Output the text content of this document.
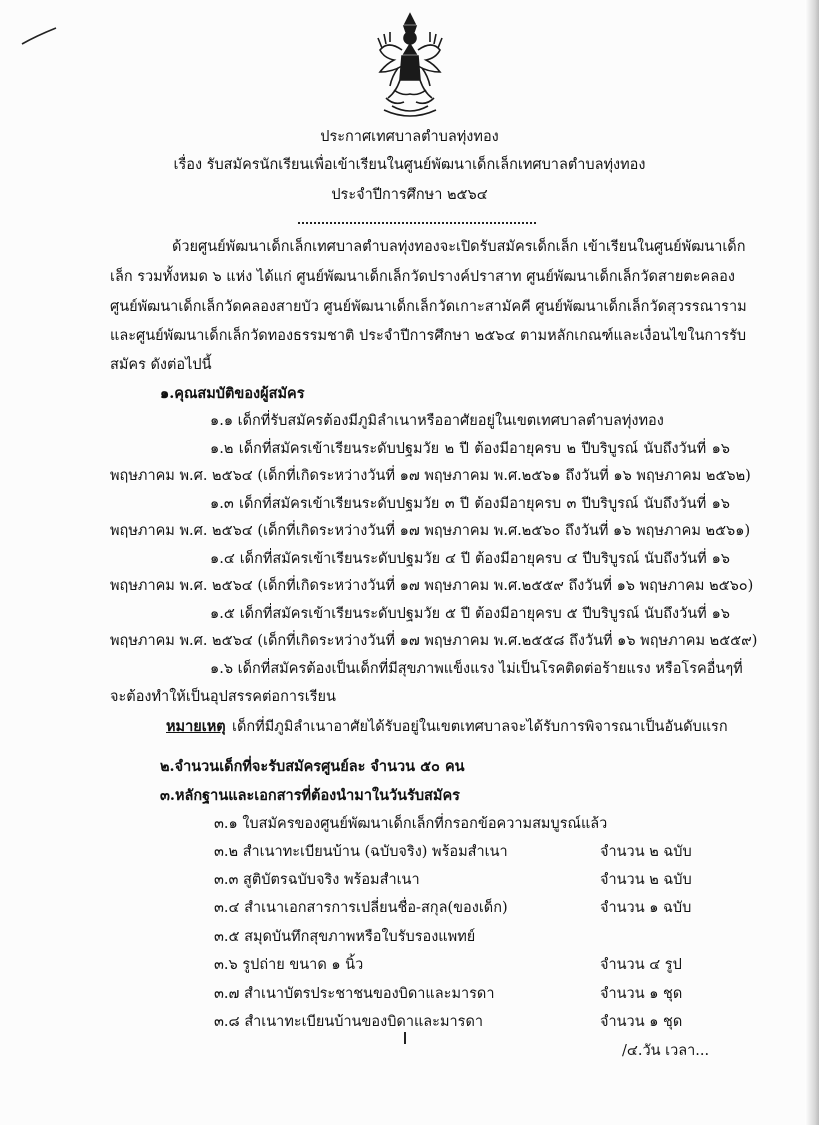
ประกาศเทศบาลตำบลทุ่งทอง
เรื่อง รับสมัครนักเรียนเพื่อเข้าเรียนในศูนย์พัฒนาเด็กเล็กเทศบาลตำบลทุ่งทอง
ประจำปีการศึกษา ๒๕๖๔
ด้วยศูนย์พัฒนาเด็กเล็กเทศบาลตำบลทุ่งทองจะเปิดรับสมัครเด็กเล็ก เข้าเรียนในศูนย์พัฒนาเด็ก
เล็ก รวมทั้งหมด ๖ แห่ง ได้แก่ ศูนย์พัฒนาเด็กเล็กวัดปรางค์ปราสาท ศูนย์พัฒนาเด็กเล็กวัดสายตะคลอง
ศูนย์พัฒนาเด็กเล็กวัดคลองสายบัว ศูนย์พัฒนาเด็กเล็กวัดเกาะสามัคคี ศูนย์พัฒนาเด็กเล็กวัดสุวรรณาราม
และศูนย์พัฒนาเด็กเล็กวัดทองธรรมชาติ ประจำปีการศึกษา ๒๕๖๔ ตามหลักเกณฑ์และเงื่อนไขในการรับ
สมัคร ดังต่อไปนี้
๑.คุณสมบัติของผู้สมัคร
๑.๑ เด็กที่รับสมัครต้องมีภูมิลำเนาหรืออาศัยอยู่ในเขตเทศบาลตำบลทุ่งทอง
๑.๒ เด็กที่สมัครเข้าเรียนระดับปฐมวัย ๒ ปี ต้องมีอายุครบ ๒ ปีบริบูรณ์ นับถึงวันที่ ๑๖
พฤษภาคม พ.ศ. ๒๕๖๔ (เด็กที่เกิดระหว่างวันที่ ๑๗ พฤษภาคม พ.ศ.๒๕๖๑ ถึงวันที่ ๑๖ พฤษภาคม ๒๕๖๒)
๑.๓ เด็กที่สมัครเข้าเรียนระดับปฐมวัย ๓ ปี ต้องมีอายุครบ ๓ ปีบริบูรณ์ นับถึงวันที่ ๑๖
พฤษภาคม พ.ศ. ๒๕๖๔ (เด็กที่เกิดระหว่างวันที่ ๑๗ พฤษภาคม พ.ศ.๒๕๖๐ ถึงวันที่ ๑๖ พฤษภาคม ๒๕๖๑)
๑.๔ เด็กที่สมัครเข้าเรียนระดับปฐมวัย ๔ ปี ต้องมีอายุครบ ๔ ปีบริบูรณ์ นับถึงวันที่ ๑๖
พฤษภาคม พ.ศ. ๒๕๖๔ (เด็กที่เกิดระหว่างวันที่ ๑๗ พฤษภาคม พ.ศ.๒๕๕๙ ถึงวันที่ ๑๖ พฤษภาคม ๒๕๖๐)
๑.๕ เด็กที่สมัครเข้าเรียนระดับปฐมวัย ๕ ปี ต้องมีอายุครบ ๕ ปีบริบูรณ์ นับถึงวันที่ ๑๖
พฤษภาคม พ.ศ. ๒๕๖๔ (เด็กที่เกิดระหว่างวันที่ ๑๗ พฤษภาคม พ.ศ.๒๕๕๘ ถึงวันที่ ๑๖ พฤษภาคม ๒๕๕๙)
๑.๖ เด็กที่สมัครต้องเป็นเด็กที่มีสุขภาพแข็งแรง ไม่เป็นโรคติดต่อร้ายแรง หรือโรคอื่นๆที่
จะต้องทำให้เป็นอุปสรรคต่อการเรียน
หมายเหตุ เด็กที่มีภูมิลำเนาอาศัยได้รับอยู่ในเขตเทศบาลจะได้รับการพิจารณาเป็นอันดับแรก
๒.จำนวนเด็กที่จะรับสมัครศูนย์ละ จำนวน ๕๐ คน
๓.หลักฐานและเอกสารที่ต้องนำมาในวันรับสมัคร
๓.๑ ใบสมัครของศูนย์พัฒนาเด็กเล็กที่กรอกข้อความสมบูรณ์แล้ว
๓.๒ สำเนาทะเบียนบ้าน (ฉบับจริง) พร้อมสำเนา	จำนวน ๒ ฉบับ
๓.๓ สูติบัตรฉบับจริง พร้อมสำเนา	จำนวน ๒ ฉบับ
๓.๔ สำเนาเอกสารการเปลี่ยนชื่อ-สกุล(ของเด็ก)	จำนวน ๑ ฉบับ
๓.๕ สมุดบันทึกสุขภาพหรือใบรับรองแพทย์
๓.๖ รูปถ่าย ขนาด ๑ นิ้ว	จำนวน ๔ รูป
๓.๗ สำเนาบัตรประชาชนของบิดาและมารดา	จำนวน ๑ ชุด
๓.๘ สำเนาทะเบียนบ้านของบิดาและมารดา	จำนวน ๑ ชุด
/๔.วัน เวลา...
